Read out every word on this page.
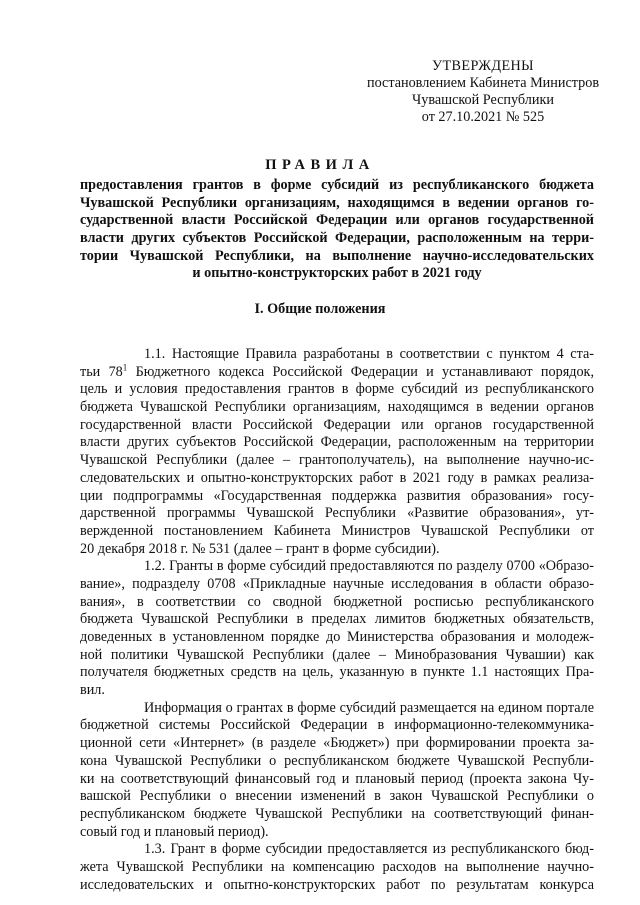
УТВЕРЖДЕНЫ
постановлением Кабинета Министров
Чувашской Республики
от 27.10.2021 № 525
ПРАВИЛА
предоставления грантов в форме субсидий из республиканского бюджета
Чувашской Республики организациям, находящимся в ведении органов го-
сударственной власти Российской Федерации или органов государственной
власти других субъектов Российской Федерации, расположенным на терри-
тории Чувашской Республики, на выполнение научно-исследовательских
и опытно-конструкторских работ в 2021 году
I. Общие положения
1.1. Настоящие Правила разработаны в соответствии с пунктом 4 ста-
тьи $78^1$ Бюджетного кодекса Российской Федерации и устанавливают порядок,
цель и условия предоставления грантов в форме субсидий из республиканского
бюджета Чувашской Республики организациям, находящимся в ведении органов
государственной власти Российской Федерации или органов государственной
власти других субъектов Российской Федерации, расположенным на территории
Чувашской Республики (далее – грантополучатель), на выполнение научно-ис-
следовательских и опытно-конструкторских работ в 2021 году в рамках реализа-
ции подпрограммы «Государственная поддержка развития образования» госу-
дарственной программы Чувашской Республики «Развитие образования», ут-
вержденной постановлением Кабинета Министров Чувашской Республики от
20 декабря 2018 г. № 531 (далее – грант в форме субсидии).
1.2. Гранты в форме субсидий предоставляются по разделу 0700 «Образо-
вание», подразделу 0708 «Прикладные научные исследования в области образо-
вания», в соответствии со сводной бюджетной росписью республиканского
бюджета Чувашской Республики в пределах лимитов бюджетных обязательств,
доведенных в установленном порядке до Министерства образования и молодеж-
ной политики Чувашской Республики (далее – Минобразования Чувашии) как
получателя бюджетных средств на цель, указанную в пункте 1.1 настоящих Пра-
вил.
Информация о грантах в форме субсидий размещается на едином портале
бюджетной системы Российской Федерации в информационно-телекоммуника-
ционной сети «Интернет» (в разделе «Бюджет») при формировании проекта за-
кона Чувашской Республики о республиканском бюджете Чувашской Республи-
ки на соответствующий финансовый год и плановый период (проекта закона Чу-
вашской Республики о внесении изменений в закон Чувашской Республики о
республиканском бюджете Чувашской Республики на соответствующий финан-
совый год и плановый период).
1.3. Грант в форме субсидии предоставляется из республиканского бюд-
жета Чувашской Республики на компенсацию расходов на выполнение научно-
исследовательских и опытно-конструкторских работ по результатам конкурса
